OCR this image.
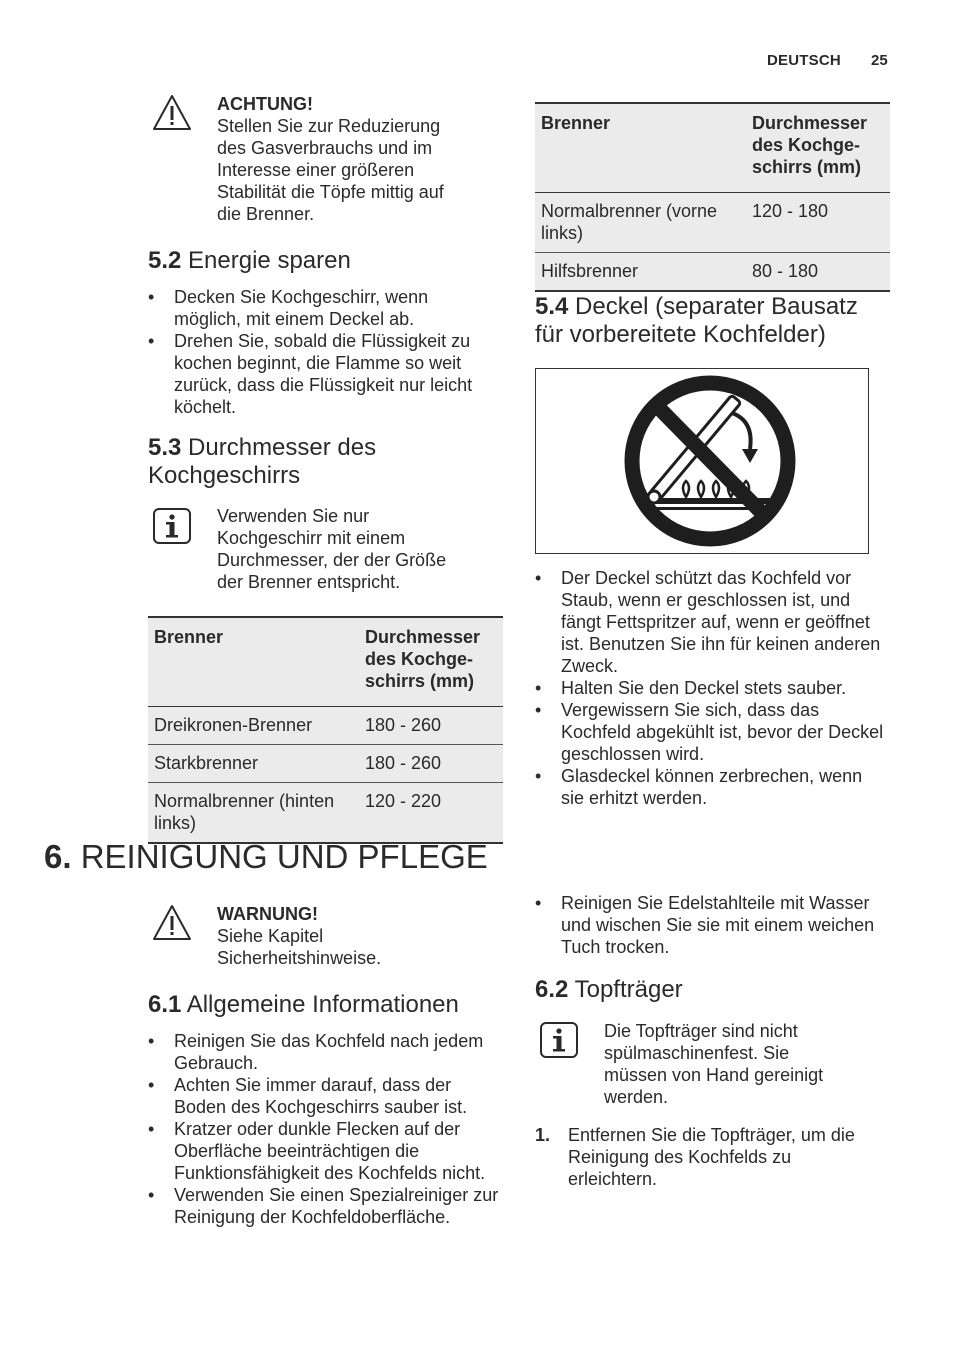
DEUTSCH 25
ACHTUNG!
Stellen Sie zur Reduzierung des Gasverbrauchs und im Interesse einer größeren Stabilität die Töpfe mittig auf die Brenner.
5.2 Energie sparen
• Decken Sie Kochgeschirr, wenn möglich, mit einem Deckel ab.
• Drehen Sie, sobald die Flüssigkeit zu kochen beginnt, die Flamme so weit zurück, dass die Flüssigkeit nur leicht köchelt.
5.3 Durchmesser des Kochgeschirrs
Verwenden Sie nur Kochgeschirr mit einem Durchmesser, der der Größe der Brenner entspricht.
Brenner	Durchmesser des Kochge-schirrs (mm)
Dreikronen-Brenner	180 - 260
Starkbrenner	180 - 260
Normalbrenner (hinten links)	120 - 220
Brenner	Durchmesser des Kochge-schirrs (mm)
Normalbrenner (vorne links)	120 - 180
Hilfsbrenner	80 - 180
5.4 Deckel (separater Bausatz für vorbereitete Kochfelder)
• Der Deckel schützt das Kochfeld vor Staub, wenn er geschlossen ist, und fängt Fettspritzer auf, wenn er geöffnet ist. Benutzen Sie ihn für keinen anderen Zweck.
• Halten Sie den Deckel stets sauber.
• Vergewissern Sie sich, dass das Kochfeld abgekühlt ist, bevor der Deckel geschlossen wird.
• Glasdeckel können zerbrechen, wenn sie erhitzt werden.
6. REINIGUNG UND PFLEGE
WARNUNG!
Siehe Kapitel Sicherheitshinweise.
6.1 Allgemeine Informationen
• Reinigen Sie das Kochfeld nach jedem Gebrauch.
• Achten Sie immer darauf, dass der Boden des Kochgeschirrs sauber ist.
• Kratzer oder dunkle Flecken auf der Oberfläche beeinträchtigen die Funktionsfähigkeit des Kochfelds nicht.
• Verwenden Sie einen Spezialreiniger zur Reinigung der Kochfeldoberfläche.
• Reinigen Sie Edelstahlteile mit Wasser und wischen Sie sie mit einem weichen Tuch trocken.
6.2 Topfträger
Die Topfträger sind nicht spülmaschinenfest. Sie müssen von Hand gereinigt werden.
1. Entfernen Sie die Topfträger, um die Reinigung des Kochfelds zu erleichtern.
